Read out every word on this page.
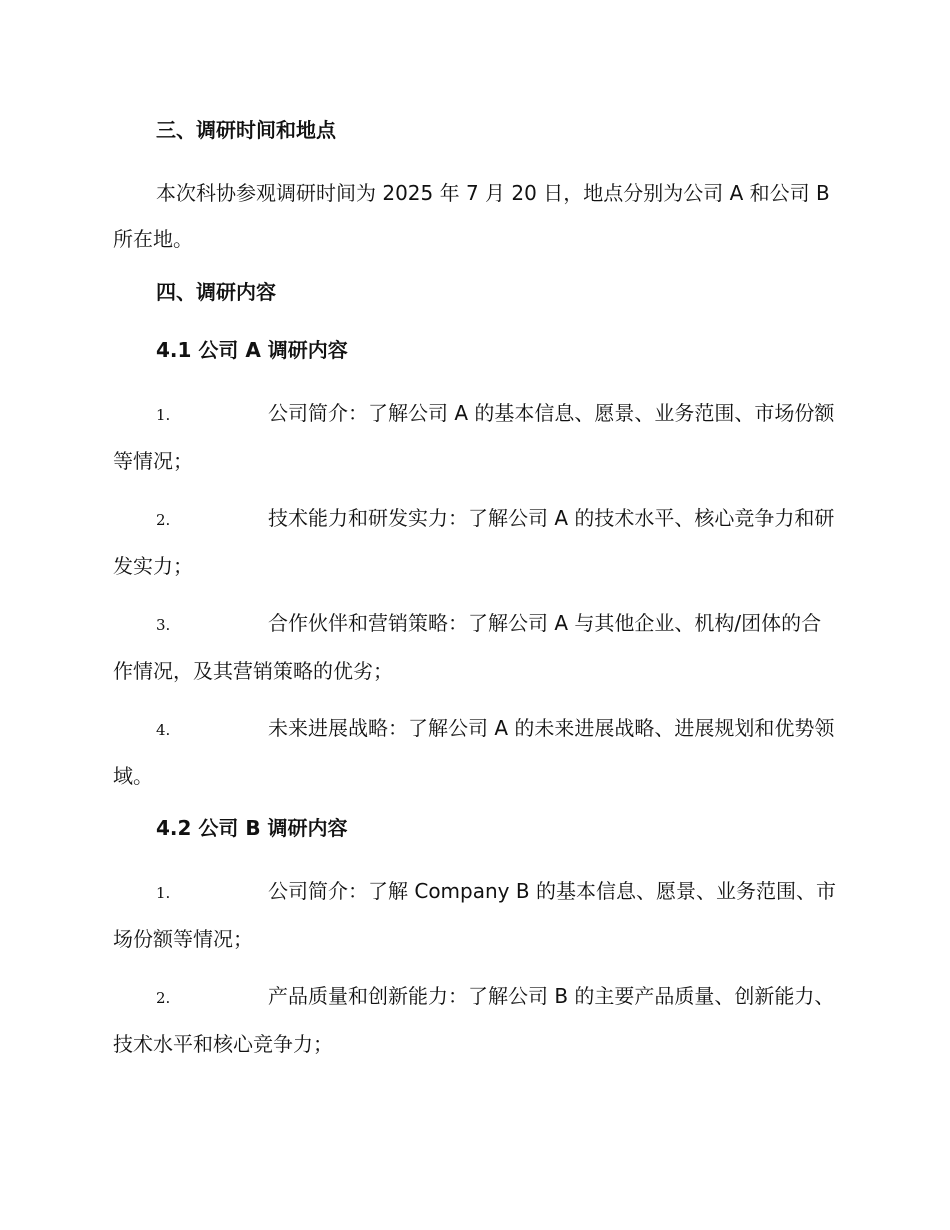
三、调研时间和地点

本次科协参观调研时间为 2025 年 7 月 20 日，地点分别为公司 A 和公司 B 所在地。

四、调研内容
4.1 公司 A 调研内容

1.	公司简介：了解公司 A 的基本信息、愿景、业务范围、市场份额等情况；

2.	技术能力和研发实力：了解公司 A 的技术水平、核心竞争力和研发实力；

3.	合作伙伴和营销策略：了解公司 A 与其他企业、机构/团体的合作情况，及其营销策略的优劣；

4.	未来进展战略：了解公司 A 的未来进展战略、进展规划和优势领域。

4.2 公司 B 调研内容

1.	公司简介：了解 Company B 的基本信息、愿景、业务范围、市场份额等情况；

2.	产品质量和创新能力：了解公司 B 的主要产品质量、创新能力、技术水平和核心竞争力；
